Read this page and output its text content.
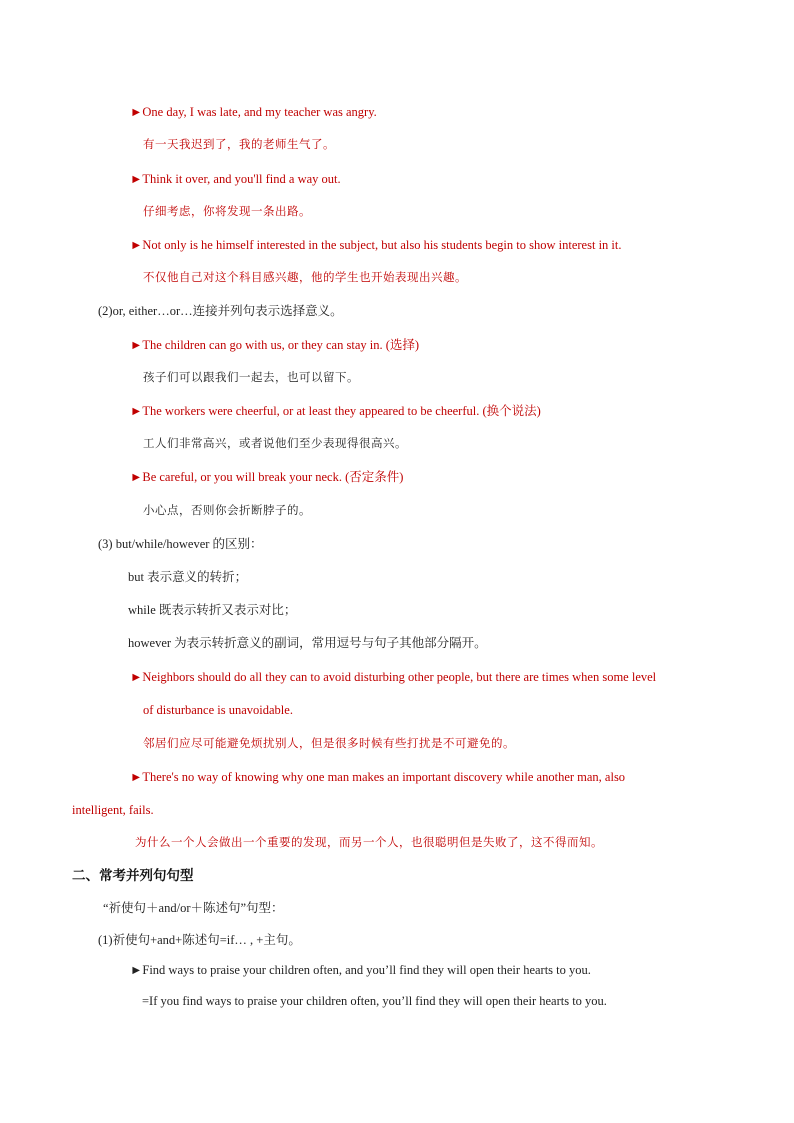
►One day, I was late, and my teacher was angry.
有一天我迟到了，我的老师生气了。
►Think it over, and you'll find a way out.
仔细考虑，你将发现一条出路。
►Not only is he himself interested in the subject, but also his students begin to show interest in it.
不仅他自己对这个科目感兴趣，他的学生也开始表现出兴趣。
(2)or, either…or…连接并列句表示选择意义。
►The children can go with us, or they can stay in. (选择)
孩子们可以跟我们一起去，也可以留下。
►The workers were cheerful, or at least they appeared to be cheerful. (换个说法)
工人们非常高兴，或者说他们至少表现得很高兴。
►Be careful, or you will break your neck. (否定条件)
小心点，否则你会折断脖子的。
(3) but/while/however 的区别：
but 表示意义的转折；
while 既表示转折又表示对比；
however 为表示转折意义的副词，常用逗号与句子其他部分隔开。
►Neighbors should do all they can to avoid disturbing other people, but there are times when some level
of disturbance is unavoidable.
邻居们应尽可能避免烦扰别人，但是很多时候有些打扰是不可避免的。
►There's no way of knowing why one man makes an important discovery while another man, also
intelligent, fails.
为什么一个人会做出一个重要的发现，而另一个人，也很聪明但是失败了，这不得而知。
二、常考并列句句型
“祈使句＋and/or＋陈述句”句型：
(1)祈使句+and+陈述句=if… , +主句。
►Find ways to praise your children often, and you’ll find they will open their hearts to you.
=If you find ways to praise your children often, you’ll find they will open their hearts to you.
